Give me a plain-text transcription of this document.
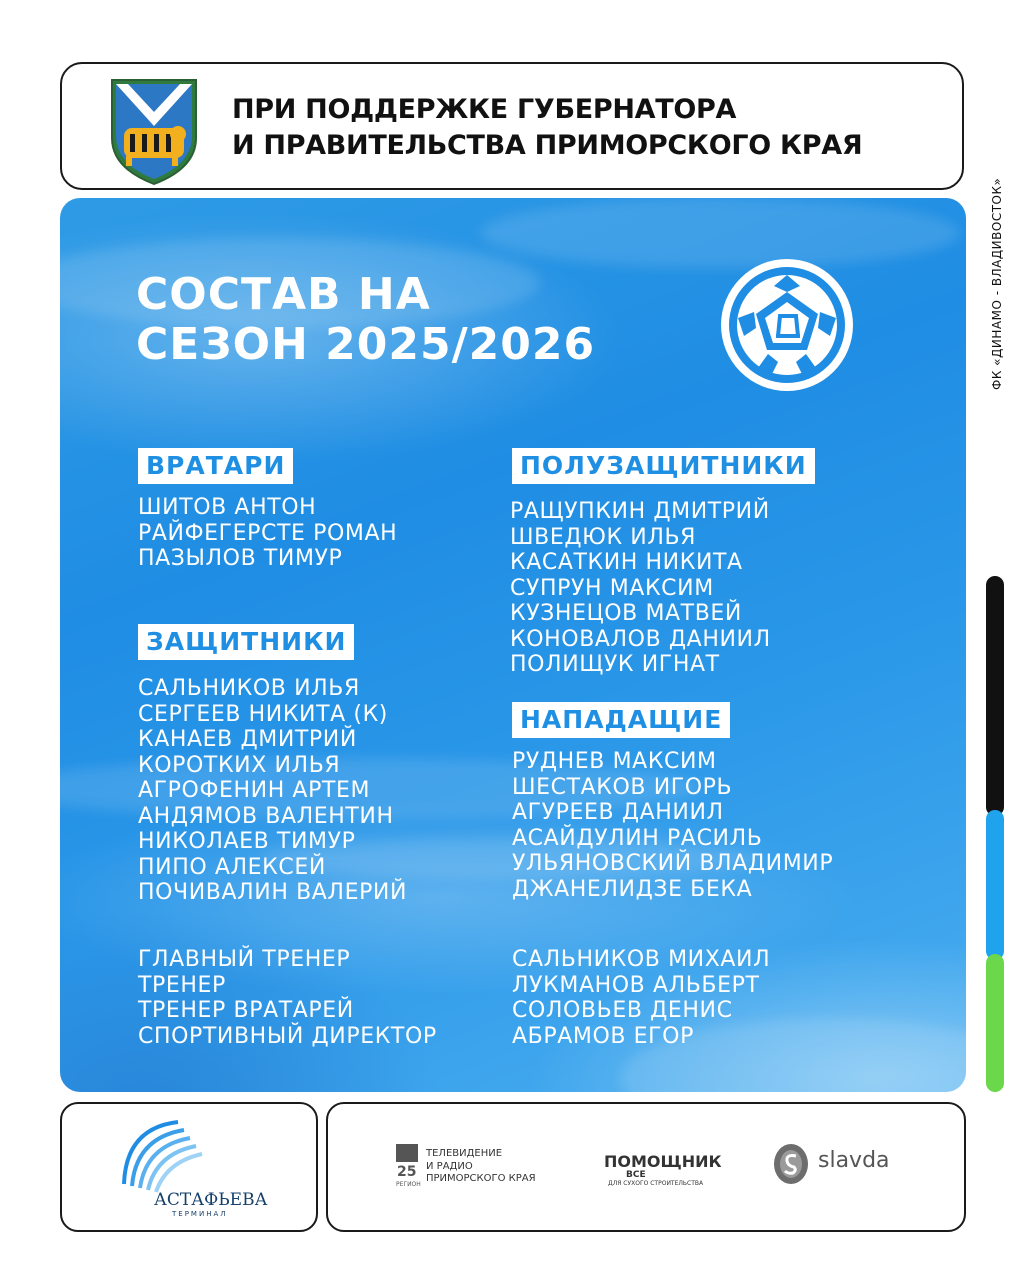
ПРИ ПОДДЕРЖКЕ ГУБЕРНАТОРА
И ПРАВИТЕЛЬСТВА ПРИМОРСКОГО КРАЯ
СОСТАВ НА
СЕЗОН 2025/2026
ВРАТАРИ
ШИТОВ АНТОН
РАЙФЕГЕРСТЕ РОМАН
ПАЗЫЛОВ ТИМУР
ЗАЩИТНИКИ
САЛЬНИКОВ ИЛЬЯ
СЕРГЕЕВ НИКИТА (К)
КАНАЕВ ДМИТРИЙ
КОРОТКИХ ИЛЬЯ
АГРОФЕНИН АРТЕМ
АНДЯМОВ ВАЛЕНТИН
НИКОЛАЕВ ТИМУР
ПИПО АЛЕКСЕЙ
ПОЧИВАЛИН ВАЛЕРИЙ
ПОЛУЗАЩИТНИКИ
РАЩУПКИН ДМИТРИЙ
ШВЕДЮК ИЛЬЯ
КАСАТКИН НИКИТА
СУПРУН МАКСИМ
КУЗНЕЦОВ МАТВЕЙ
КОНОВАЛОВ ДАНИИЛ
ПОЛИЩУК ИГНАТ
НАПАДАЩИЕ
РУДНЕВ МАКСИМ
ШЕСТАКОВ ИГОРЬ
АГУРЕЕВ ДАНИИЛ
АСАЙДУЛИН РАСИЛЬ
УЛЬЯНОВСКИЙ ВЛАДИМИР
ДЖАНЕЛИДЗЕ БЕКА
ГЛАВНЫЙ ТРЕНЕР
ТРЕНЕР
ТРЕНЕР ВРАТАРЕЙ
СПОРТИВНЫЙ ДИРЕКТОР
САЛЬНИКОВ МИХАИЛ
ЛУКМАНОВ АЛЬБЕРТ
СОЛОВЬЕВ ДЕНИС
АБРАМОВ ЕГОР
ФК «ДИНАМО - ВЛАДИВОСТОК»
АСТАФЬЕВА
ТЕРМИНАЛ
25
РЕГИОН
ТЕЛЕВИДЕНИЕ
И РАДИО
ПРИМОРСКОГО КРАЯ
ПОМОЩНИК
ВСЕ
ДЛЯ СУХОГО СТРОИТЕЛЬСТВА
slavda
